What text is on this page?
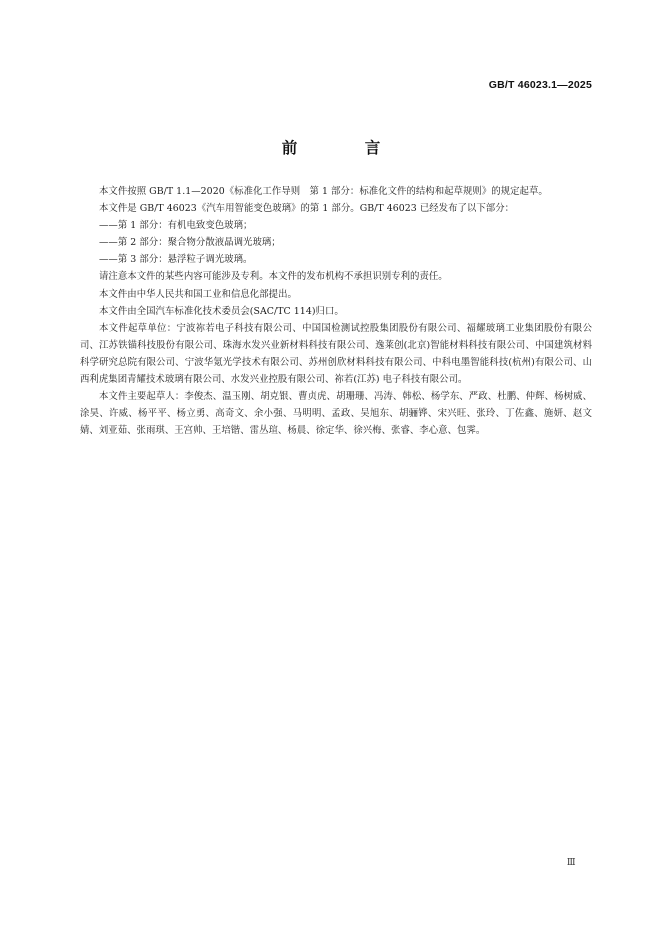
GB/T 46023.1—2025
前　言

本文件按照 GB/T 1.1—2020《标准化工作导则　第 1 部分：标准化文件的结构和起草规则》的规定起草。

本文件是 GB/T 46023《汽车用智能变色玻璃》的第 1 部分。GB/T 46023 已经发布了以下部分：

——第 1 部分：有机电致变色玻璃；

——第 2 部分：聚合物分散液晶调光玻璃；

——第 3 部分：悬浮粒子调光玻璃。

请注意本文件的某些内容可能涉及专利。本文件的发布机构不承担识别专利的责任。

本文件由中华人民共和国工业和信息化部提出。

本文件由全国汽车标准化技术委员会(SAC/TC 114)归口。

本文件起草单位：宁波祢若电子科技有限公司、中国国检测试控股集团股份有限公司、福耀玻璃工业集团股份有限公司、江苏铁锚科技股份有限公司、珠海水发兴业新材料科技有限公司、逸莱创(北京)智能材料科技有限公司、中国建筑材料科学研究总院有限公司、宁波华氪光学技术有限公司、苏州创欣材料科技有限公司、中科电墨智能科技(杭州)有限公司、山西利虎集团青耀技术玻璃有限公司、水发兴业控股有限公司、祢若(江苏) 电子科技有限公司。

本文件主要起草人：李俊杰、温玉刚、胡克银、曹贞虎、胡珊珊、冯涛、韩松、杨学东、严政、杜鹏、仲辉、杨树威、涂昊、许威、杨平平、杨立勇、高奇文、余小强、马明明、孟政、吴旭东、胡骊铧、宋兴旺、张玲、丁佐鑫、施妍、赵文婧、刘亚茹、张雨琪、王宫帅、王培锴、雷丛瑄、杨晨、徐定华、徐兴梅、张睿、李心意、包霁。

Ⅲ
